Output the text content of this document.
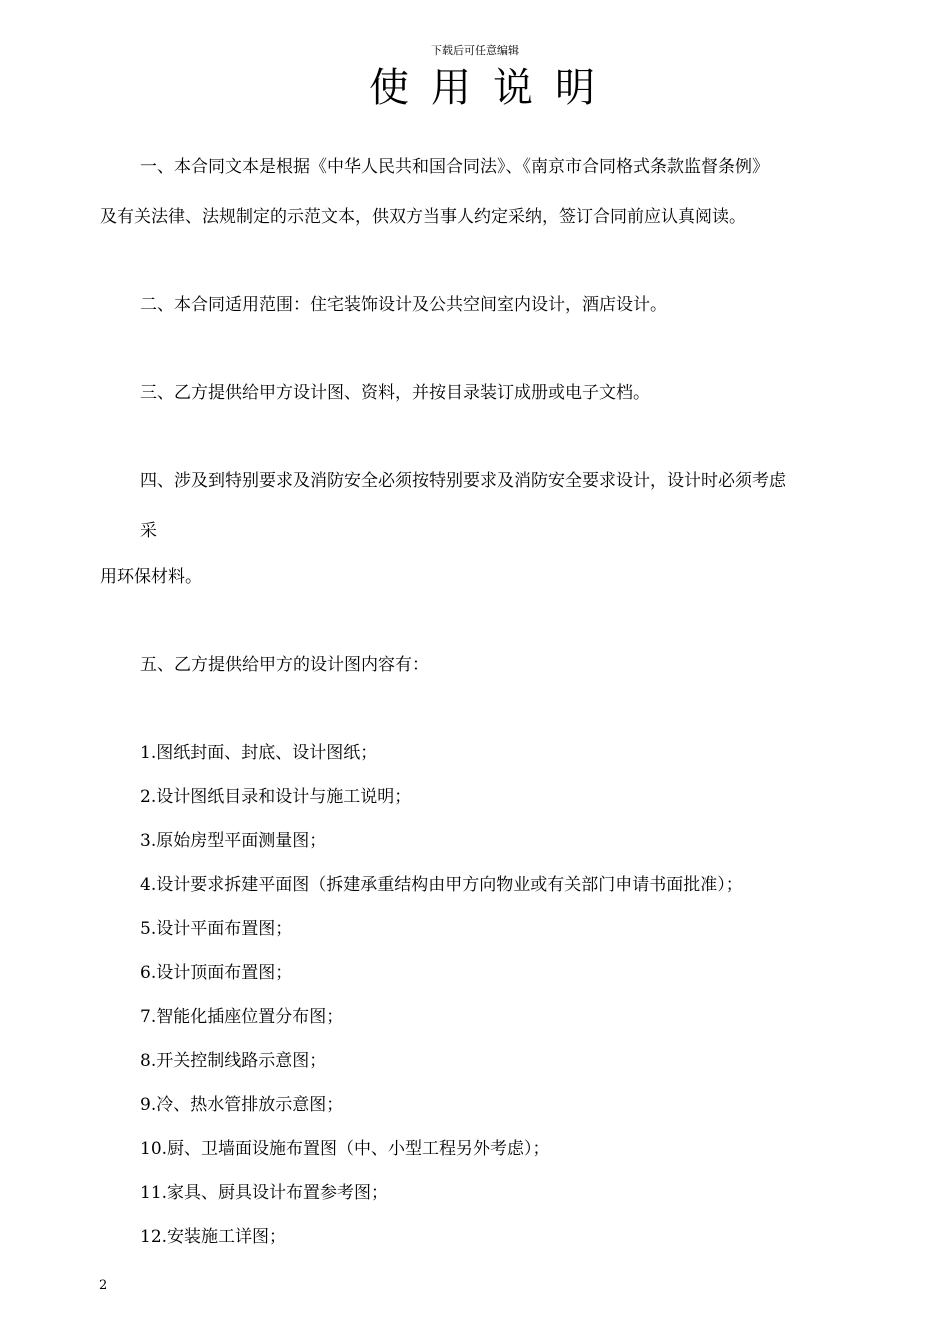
下载后可任意编辑
使用说明
一、本合同文本是根据《中华人民共和国合同法》、《南京市合同格式条款监督条例》
及有关法律、法规制定的示范文本，供双方当事人约定采纳，签订合同前应认真阅读。
二、本合同适用范围：住宅装饰设计及公共空间室内设计，酒店设计。
三、乙方提供给甲方设计图、资料，并按目录装订成册或电子文档。
四、涉及到特别要求及消防安全必须按特别要求及消防安全要求设计，设计时必须考虑
采
用环保材料。
五、乙方提供给甲方的设计图内容有：
1.图纸封面、封底、设计图纸；
2.设计图纸目录和设计与施工说明；
3.原始房型平面测量图；
4.设计要求拆建平面图（拆建承重结构由甲方向物业或有关部门申请书面批准）；
5.设计平面布置图；
6.设计顶面布置图；
7.智能化插座位置分布图；
8.开关控制线路示意图；
9.冷、热水管排放示意图；
10.厨、卫墙面设施布置图（中、小型工程另外考虑）；
11.家具、厨具设计布置参考图；
12.安装施工详图；
2
